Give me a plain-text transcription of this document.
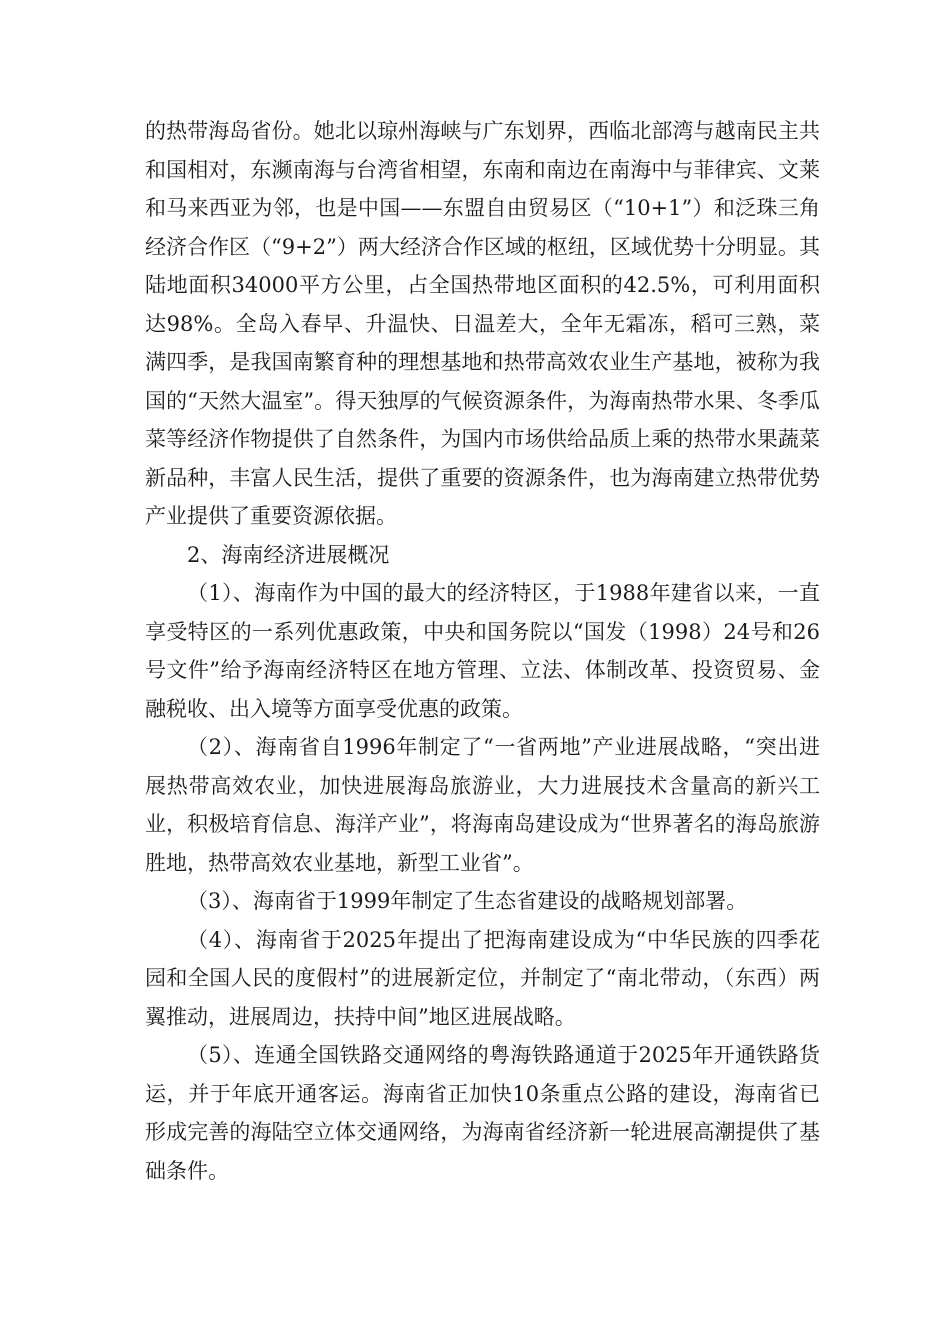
的热带海岛省份。她北以琼州海峡与广东划界，西临北部湾与越南民主共和国相对，东濒南海与台湾省相望，东南和南边在南海中与菲律宾、文莱和马来西亚为邻，也是中国——东盟自由贸易区（“10+1”）和泛珠三角经济合作区（“9+2”）两大经济合作区域的枢纽，区域优势十分明显。其陆地面积34000平方公里，占全国热带地区面积的42.5%，可利用面积达98%。全岛入春早、升温快、日温差大，全年无霜冻，稻可三熟，菜满四季，是我国南繁育种的理想基地和热带高效农业生产基地，被称为我国的“天然大温室”。得天独厚的气候资源条件，为海南热带水果、冬季瓜菜等经济作物提供了自然条件，为国内市场供给品质上乘的热带水果蔬菜新品种，丰富人民生活，提供了重要的资源条件，也为海南建立热带优势产业提供了重要资源依据。

2、海南经济进展概况

（1）、海南作为中国的最大的经济特区，于1988年建省以来，一直享受特区的一系列优惠政策，中央和国务院以“国发（1998）24号和26号文件”给予海南经济特区在地方管理、立法、体制改革、投资贸易、金融税收、出入境等方面享受优惠的政策。

（2）、海南省自1996年制定了“一省两地”产业进展战略，“突出进展热带高效农业，加快进展海岛旅游业，大力进展技术含量高的新兴工业，积极培育信息、海洋产业”，将海南岛建设成为“世界著名的海岛旅游胜地，热带高效农业基地，新型工业省”。

（3）、海南省于1999年制定了生态省建设的战略规划部署。

（4）、海南省于2025年提出了把海南建设成为“中华民族的四季花园和全国人民的度假村”的进展新定位，并制定了“南北带动，（东西）两翼推动，进展周边，扶持中间”地区进展战略。

（5）、连通全国铁路交通网络的粤海铁路通道于2025年开通铁路货运，并于年底开通客运。海南省正加快10条重点公路的建设，海南省已形成完善的海陆空立体交通网络，为海南省经济新一轮进展高潮提供了基础条件。
